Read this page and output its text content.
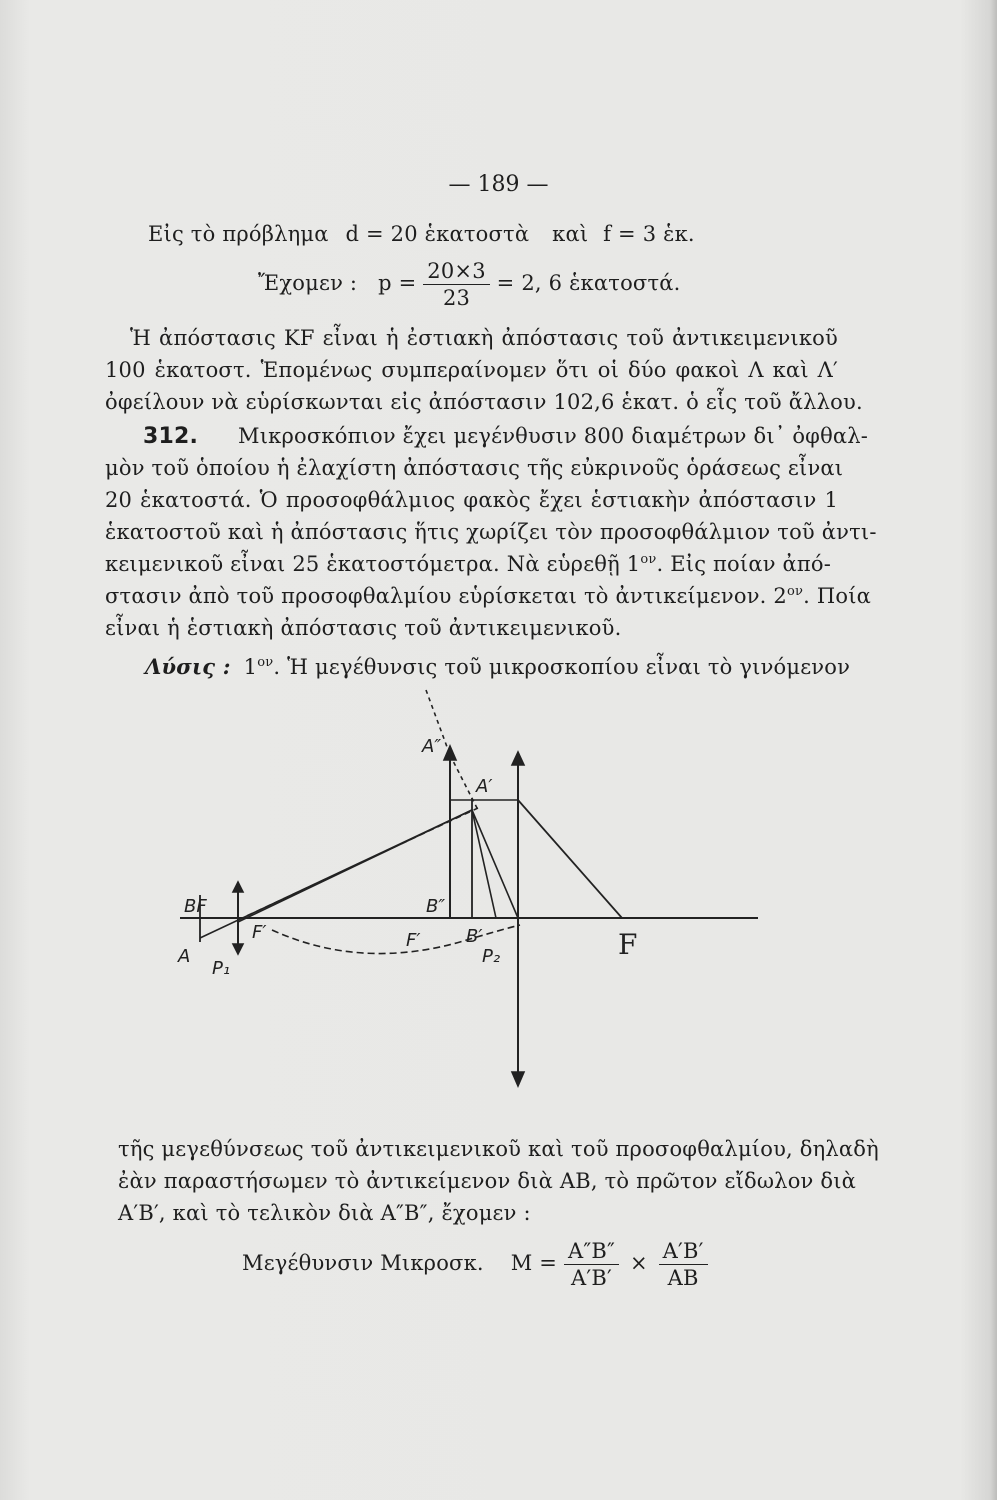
— 189 —
Εἰς τὸ πρόβλημα d = 20 ἑκατοστὰ καὶ f = 3 ἑκ.
Ἔχομεν : $p = \frac{20\times 3}{23} = 2$, 6 ἑκατοστά.
Ἡ ἀπόστασις KF εἶναι ἡ ἐστιακὴ ἀπόστασις τοῦ ἀντικειμενικοῦ
100 ἑκατοστ. Ἑπομένως συμπεραίνομεν ὅτι οἱ δύο φακοὶ Λ καὶ Λ′
ὀφείλουν νὰ εὑρίσκωνται εἰς ἀπόστασιν 102,6 ἑκατ. ὁ εἷς τοῦ ἄλλου.
312. Μικροσκόπιον ἔχει μεγένθυσιν 800 διαμέτρων δι᾽ ὀφθαλ-
μὸν τοῦ ὁποίου ἡ ἐλαχίστη ἀπόστασις τῆς εὐκρινοῦς ὁράσεως εἶναι
20 ἑκατοστά. Ὁ προσοφθάλμιος φακὸς ἔχει ἑστιακὴν ἀπόστασιν 1
ἑκατοστοῦ καὶ ἡ ἀπόστασις ἥτις χωρίζει τὸν προσοφθάλμιον τοῦ ἀντι-
κειμενικοῦ εἶναι 25 ἑκατοστόμετρα. Νὰ εὑρεθῇ $1^{o\nu}$. Εἰς ποίαν ἀπό-
στασιν ἀπὸ τοῦ προσοφθαλμίου εὑρίσκεται τὸ ἀντικείμενον. $2^{o\nu}$. Ποία
εἶναι ἡ ἑστιακὴ ἀπόστασις τοῦ ἀντικειμενικοῦ.
Λύσις : $1^{o\nu}$. Ἡ μεγέθυνσις τοῦ μικροσκοπίου εἶναι τὸ γινόμενον
A″
A′
B″
F′	B′
P₂	F
BF
A
P₁
F′
τῆς μεγεθύνσεως τοῦ ἀντικειμενικοῦ καὶ τοῦ προσοφθαλμίου, δηλαδὴ
ἐὰν παραστήσωμεν τὸ ἀντικείμενον διὰ AB, τὸ πρῶτον εἴδωλον διὰ
A′B′, καὶ τὸ τελικὸν διὰ A″B″, ἔχομεν :
Μεγέθυνσιν Μικροσκ. $M = \frac{A''B''}{A'B'} \times \frac{A'B'}{AB}$
